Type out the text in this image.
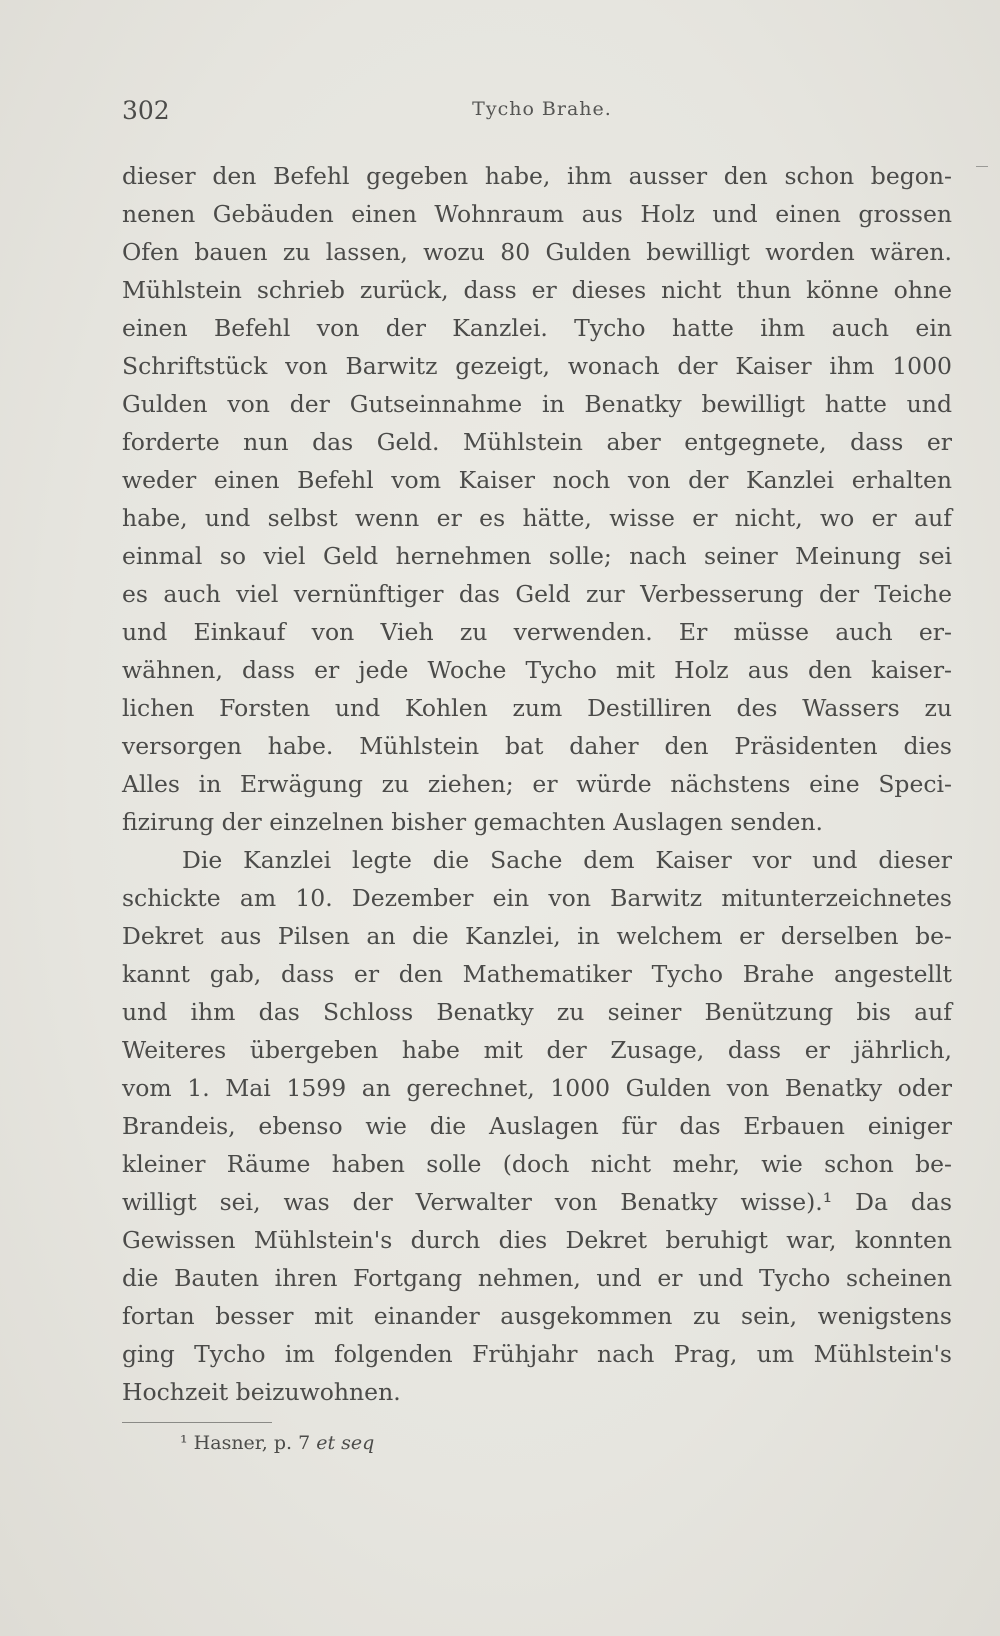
302	Tycho Brahe.
dieser den Befehl gegeben habe, ihm ausser den schon begon-
nenen Gebäuden einen Wohnraum aus Holz und einen grossen
Ofen bauen zu lassen, wozu 80 Gulden bewilligt worden wären.
Mühlstein schrieb zurück, dass er dieses nicht thun könne ohne
einen Befehl von der Kanzlei. Tycho hatte ihm auch ein
Schriftstück von Barwitz gezeigt, wonach der Kaiser ihm 1000
Gulden von der Gutseinnahme in Benatky bewilligt hatte und
forderte nun das Geld. Mühlstein aber entgegnete, dass er
weder einen Befehl vom Kaiser noch von der Kanzlei erhalten
habe, und selbst wenn er es hätte, wisse er nicht, wo er auf
einmal so viel Geld hernehmen solle; nach seiner Meinung sei
es auch viel vernünftiger das Geld zur Verbesserung der Teiche
und Einkauf von Vieh zu verwenden. Er müsse auch er-
wähnen, dass er jede Woche Tycho mit Holz aus den kaiser-
lichen Forsten und Kohlen zum Destilliren des Wassers zu
versorgen habe. Mühlstein bat daher den Präsidenten dies
Alles in Erwägung zu ziehen; er würde nächstens eine Speci-
fizirung der einzelnen bisher gemachten Auslagen senden.
Die Kanzlei legte die Sache dem Kaiser vor und dieser
schickte am 10. Dezember ein von Barwitz mitunterzeichnetes
Dekret aus Pilsen an die Kanzlei, in welchem er derselben be-
kannt gab, dass er den Mathematiker Tycho Brahe angestellt
und ihm das Schloss Benatky zu seiner Benützung bis auf
Weiteres übergeben habe mit der Zusage, dass er jährlich,
vom 1. Mai 1599 an gerechnet, 1000 Gulden von Benatky oder
Brandeis, ebenso wie die Auslagen für das Erbauen einiger
kleiner Räume haben solle (doch nicht mehr, wie schon be-
willigt sei, was der Verwalter von Benatky wisse).¹ Da das
Gewissen Mühlstein's durch dies Dekret beruhigt war, konnten
die Bauten ihren Fortgang nehmen, und er und Tycho scheinen
fortan besser mit einander ausgekommen zu sein, wenigstens
ging Tycho im folgenden Frühjahr nach Prag, um Mühlstein's
Hochzeit beizuwohnen.
¹ Hasner, p. 7 et seq
